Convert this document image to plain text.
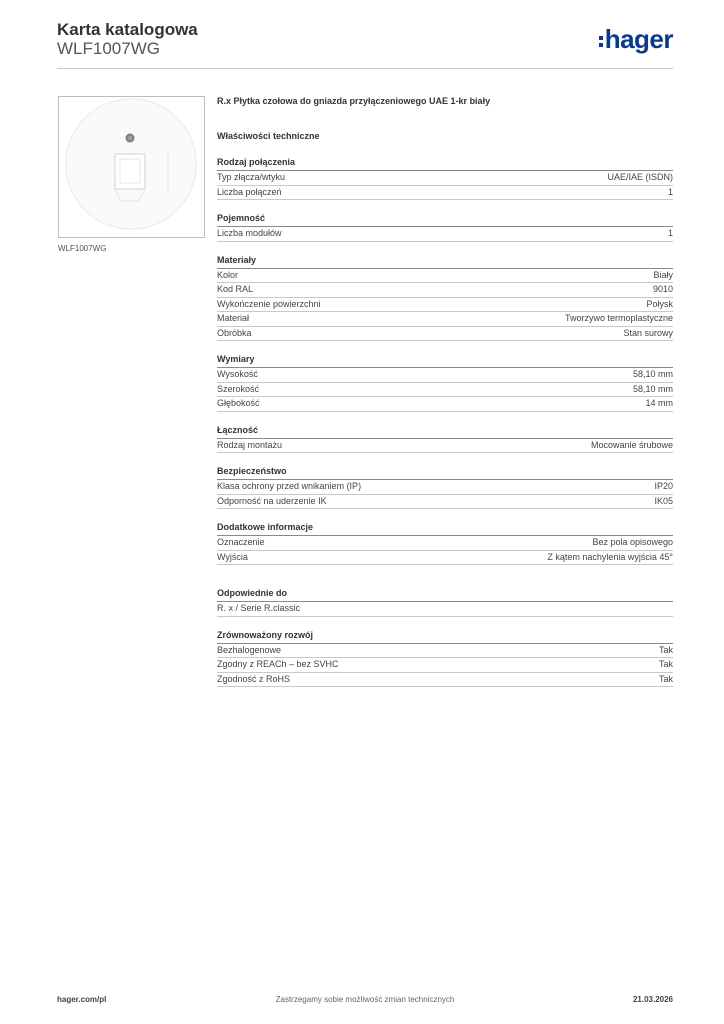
Karta katalogowa
WLF1007WG	hager
WLF1007WG
R.x Płytka czołowa do gniazda przyłączeniowego UAE 1-kr biały
Właściwości techniczne
Rodzaj połączenia
Typ złącza/wtyku	UAE/IAE (ISDN)
Liczba połączeń	1
Pojemność
Liczba modułów	1
Materiały
Kolor	Biały
Kod RAL	9010
Wykończenie powierzchni	Połysk
Materiał	Tworzywo termoplastyczne
Obróbka	Stan surowy
Wymiary
Wysokość	58,10 mm
Szerokość	58,10 mm
Głębokość	14 mm
Łączność
Rodzaj montażu	Mocowanie śrubowe
Bezpieczeństwo
Klasa ochrony przed wnikaniem (IP)	IP20
Odporność na uderzenie IK	IK05
Dodatkowe informacje
Oznaczenie	Bez pola opisowego
Wyjścia	Z kątem nachylenia wyjścia 45°
Odpowiednie do
R. x / Serie R.classic
Zrównoważony rozwój
Bezhalogenowe	Tak
Zgodny z REACh – bez SVHC	Tak
Zgodność z RoHS	Tak
hager.com/pl	Zastrzegamy sobie możliwość zmian technicznych	21.03.2026
